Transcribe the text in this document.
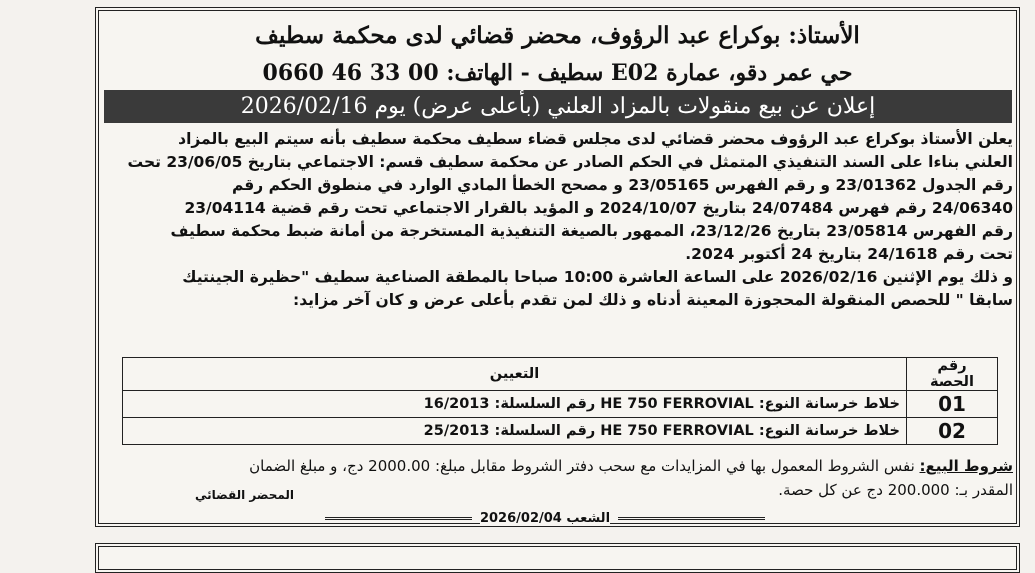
الأستاذ: بوكراع عبد الرؤوف، محضر قضائي لدى محكمة سطيف
حي عمر دقو، عمارة E02 سطيف - الهاتف: 00 33 46 0660
إعلان عن بيع منقولات بالمزاد العلني (بأعلى عرض) يوم 2026/02/16
يعلن الأستاذ بوكراع عبد الرؤوف محضر قضائي لدى مجلس قضاء سطيف محكمة سطيف بأنه سيتم البيع بالمزاد
العلني بناءا على السند التنفيذي المتمثل في الحكم الصادر عن محكمة سطيف قسم: الاجتماعي بتاريخ 23/06/05 تحت
رقم الجدول 23/01362 و رقم الفهرس 23/05165 و مصحح الخطأ المادي الوارد في منطوق الحكم رقم
24/06340 رقم فهرس 24/07484 بتاريخ 2024/10/07 و المؤيد بالقرار الاجتماعي تحت رقم قضية 23/04114
رقم الفهرس 23/05814 بتاريخ 23/12/26، الممهور بالصيغة التنفيذية المستخرجة من أمانة ضبط محكمة سطيف
تحت رقم 24/1618 بتاريخ 24 أكتوبر 2024.
و ذلك يوم الإثنين 2026/02/16 على الساعة العاشرة 10:00 صباحا بالمطقة الصناعية سطيف "حظيرة الجينتيك
سابقا " للحصص المنقولة المحجوزة المعينة أدناه و ذلك لمن تقدم بأعلى عرض و كان آخر مزايد:
رقم الحصة	التعيين
01	خلاط خرسانة النوع: HE 750 FERROVIAL رقم السلسلة: 16/2013
02	خلاط خرسانة النوع: HE 750 FERROVIAL رقم السلسلة: 25/2013
شروط البيع: نفس الشروط المعمول بها في المزايدات مع سحب دفتر الشروط مقابل مبلغ: 2000.00 دج، و مبلغ الضمان
المقدر بـ: 200.000 دج عن كل حصة.
المحضر القضائي
الشعب 2026/02/04
